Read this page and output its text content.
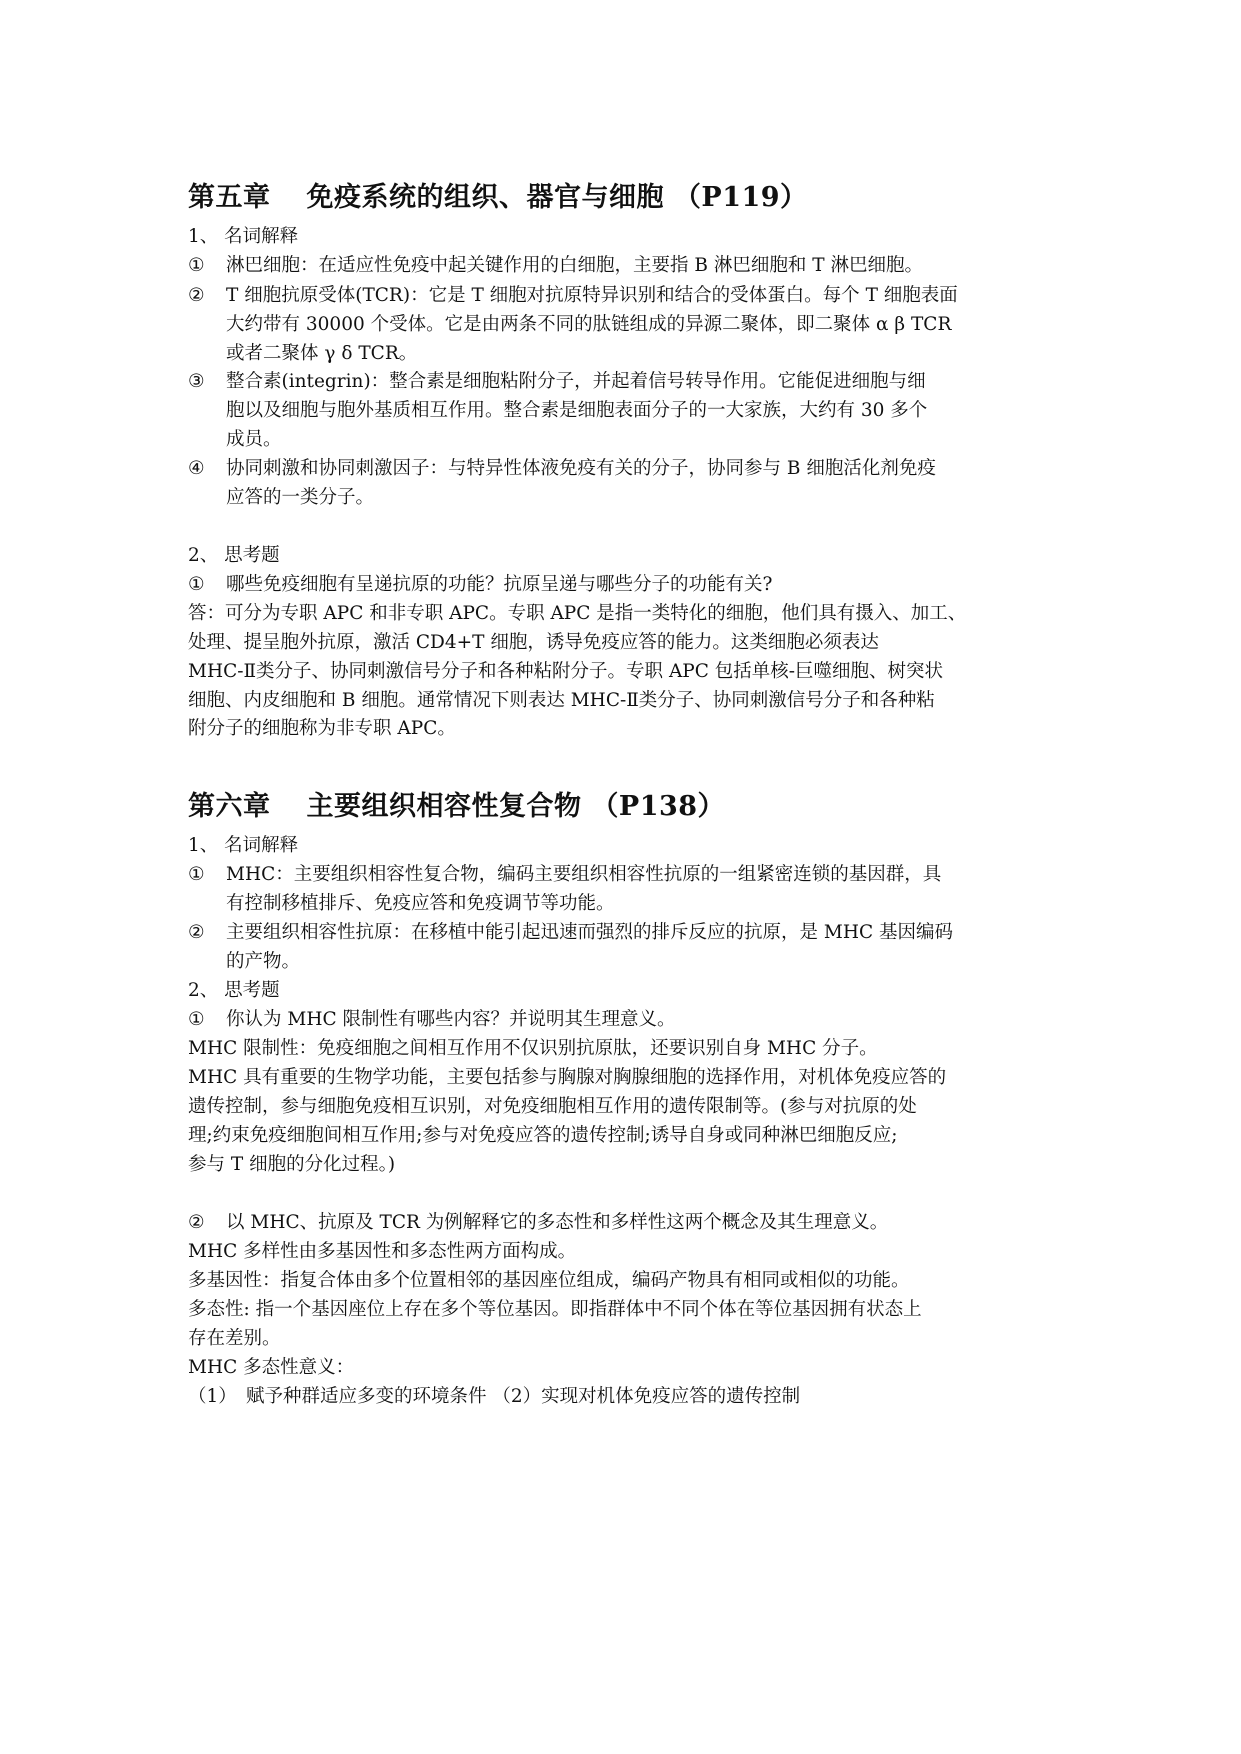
第五章 免疫系统的组织、器官与细胞 （P119）
1、 名词解释
① 淋巴细胞：在适应性免疫中起关键作用的白细胞，主要指 B 淋巴细胞和 T 淋巴细胞。
② T 细胞抗原受体(TCR)：它是 T 细胞对抗原特异识别和结合的受体蛋白。每个 T 细胞表面
大约带有 30000 个受体。它是由两条不同的肽链组成的异源二聚体，即二聚体 α β TCR
或者二聚体 γ δ TCR。
③ 整合素(integrin)：整合素是细胞粘附分子，并起着信号转导作用。它能促进细胞与细
胞以及细胞与胞外基质相互作用。整合素是细胞表面分子的一大家族，大约有 30 多个
成员。
④ 协同刺激和协同刺激因子：与特异性体液免疫有关的分子，协同参与 B 细胞活化剂免疫
应答的一类分子。
2、 思考题
① 哪些免疫细胞有呈递抗原的功能？抗原呈递与哪些分子的功能有关?
答：可分为专职 APC 和非专职 APC。专职 APC 是指一类特化的细胞，他们具有摄入、加工、
处理、提呈胞外抗原，激活 CD4+T 细胞，诱导免疫应答的能力。这类细胞必须表达
MHC-Ⅱ类分子、协同刺激信号分子和各种粘附分子。专职 APC 包括单核-巨噬细胞、树突状
细胞、内皮细胞和 B 细胞。通常情况下则表达 MHC-Ⅱ类分子、协同刺激信号分子和各种粘
附分子的细胞称为非专职 APC。
第六章 主要组织相容性复合物 （P138）
1、 名词解释
① MHC：主要组织相容性复合物，编码主要组织相容性抗原的一组紧密连锁的基因群，具
有控制移植排斥、免疫应答和免疫调节等功能。
② 主要组织相容性抗原：在移植中能引起迅速而强烈的排斥反应的抗原，是 MHC 基因编码
的产物。
2、 思考题
① 你认为 MHC 限制性有哪些内容？并说明其生理意义。
MHC 限制性：免疫细胞之间相互作用不仅识别抗原肽，还要识别自身 MHC 分子。
MHC 具有重要的生物学功能，主要包括参与胸腺对胸腺细胞的选择作用，对机体免疫应答的
遗传控制，参与细胞免疫相互识别，对免疫细胞相互作用的遗传限制等。(参与对抗原的处
理;约束免疫细胞间相互作用;参与对免疫应答的遗传控制;诱导自身或同种淋巴细胞反应;
参与 T 细胞的分化过程。)
② 以 MHC、抗原及 TCR 为例解释它的多态性和多样性这两个概念及其生理意义。
MHC 多样性由多基因性和多态性两方面构成。
多基因性：指复合体由多个位置相邻的基因座位组成，编码产物具有相同或相似的功能。
多态性: 指一个基因座位上存在多个等位基因。即指群体中不同个体在等位基因拥有状态上
存在差别。
MHC 多态性意义：
（1）　赋予种群适应多变的环境条件 （2）实现对机体免疫应答的遗传控制
